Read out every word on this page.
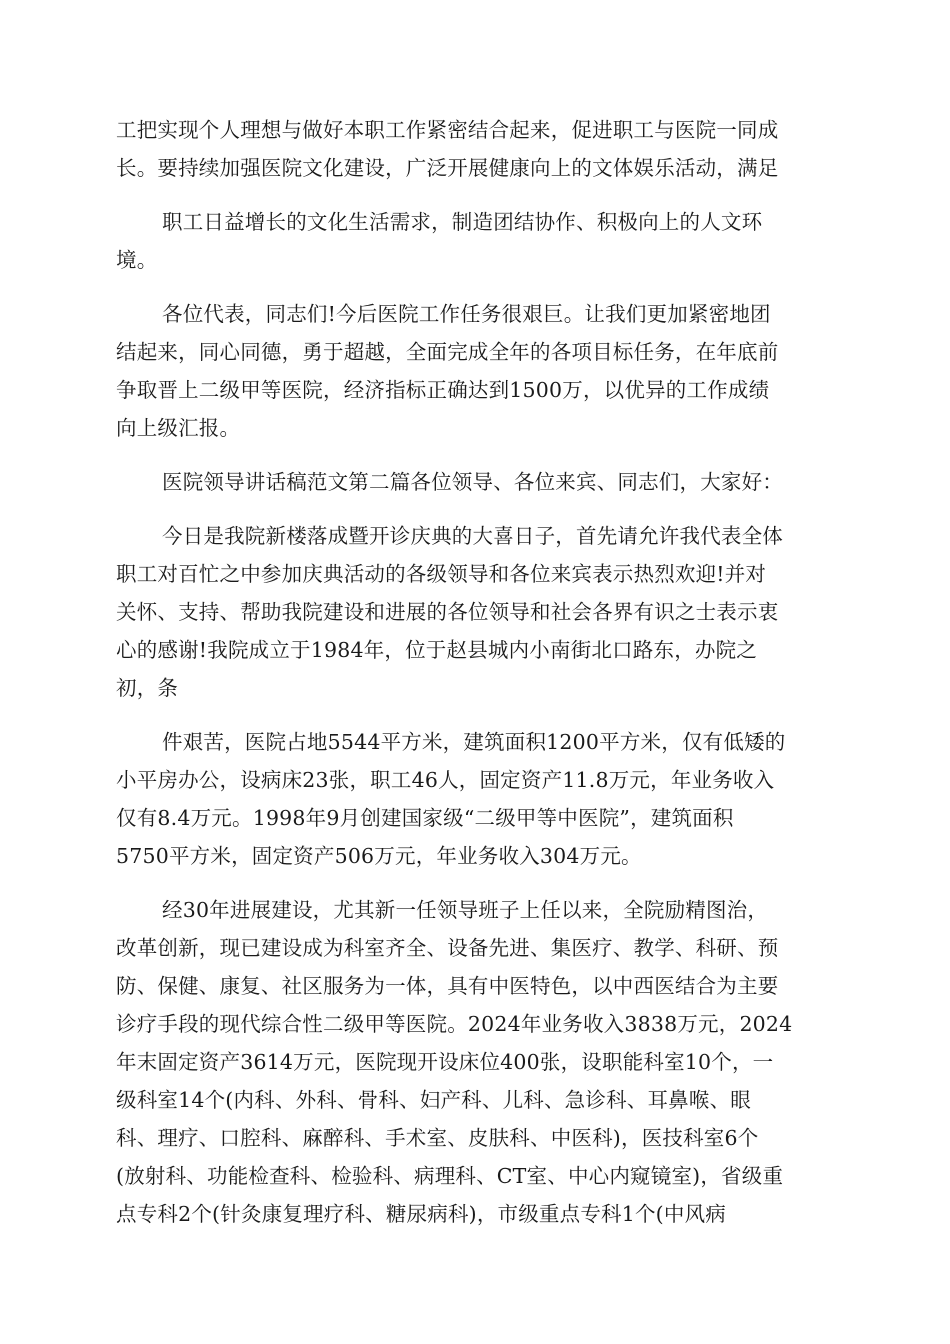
工把实现个人理想与做好本职工作紧密结合起来，促进职工与医院一同成
长。要持续加强医院文化建设，广泛开展健康向上的文体娱乐活动，满足
职工日益增长的文化生活需求，制造团结协作、积极向上的人文环
境。
各位代表，同志们!今后医院工作任务很艰巨。让我们更加紧密地团
结起来，同心同德，勇于超越，全面完成全年的各项目标任务，在年底前
争取晋上二级甲等医院，经济指标正确达到1500万，以优异的工作成绩
向上级汇报。
医院领导讲话稿范文第二篇各位领导、各位来宾、同志们，大家好：
今日是我院新楼落成暨开诊庆典的大喜日子，首先请允许我代表全体
职工对百忙之中参加庆典活动的各级领导和各位来宾表示热烈欢迎!并对
关怀、支持、帮助我院建设和进展的各位领导和社会各界有识之士表示衷
心的感谢!我院成立于1984年，位于赵县城内小南街北口路东，办院之
初，条
件艰苦，医院占地5544平方米，建筑面积1200平方米，仅有低矮的
小平房办公，设病床23张，职工46人，固定资产11.8万元，年业务收入
仅有8.4万元。1998年9月创建国家级“二级甲等中医院”，建筑面积
5750平方米，固定资产506万元，年业务收入304万元。
经30年进展建设，尤其新一任领导班子上任以来，全院励精图治，
改革创新，现已建设成为科室齐全、设备先进、集医疗、教学、科研、预
防、保健、康复、社区服务为一体，具有中医特色，以中西医结合为主要
诊疗手段的现代综合性二级甲等医院。2024年业务收入3838万元，2024
年末固定资产3614万元，医院现开设床位400张，设职能科室10个，一
级科室14个(内科、外科、骨科、妇产科、儿科、急诊科、耳鼻喉、眼
科、理疗、口腔科、麻醉科、手术室、皮肤科、中医科)，医技科室6个
(放射科、功能检查科、检验科、病理科、CT室、中心内窥镜室)，省级重
点专科2个(针灸康复理疗科、糖尿病科)，市级重点专科1个(中风病
